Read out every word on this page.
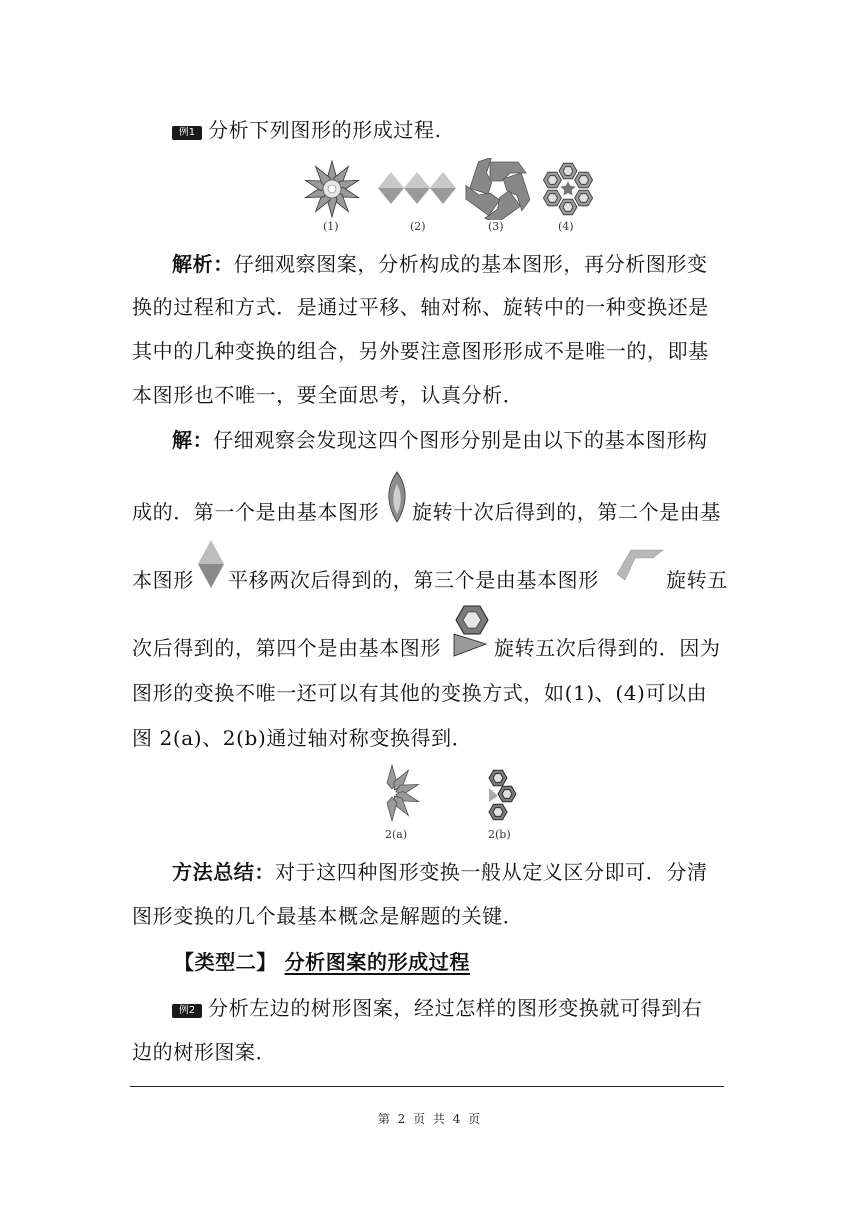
例1 分析下列图形的形成过程.
(1)	(2)	(3)	(4)
解析：仔细观察图案，分析构成的基本图形，再分析图形变
换的过程和方式．是通过平移、轴对称、旋转中的一种变换还是
其中的几种变换的组合，另外要注意图形形成不是唯一的，即基
本图形也不唯一，要全面思考，认真分析．
解：仔细观察会发现这四个图形分别是由以下的基本图形构
成的．第一个是由基本图形	旋转十次后得到的，第二个是由基
本图形	平移两次后得到的，第三个是由基本图形	旋转五
次后得到的，第四个是由基本图形	旋转五次后得到的．因为
图形的变换不唯一还可以有其他的变换方式，如(1)、(4)可以由
图 2(a)、2(b)通过轴对称变换得到．
2(a)	2(b)
方法总结：对于这四种图形变换一般从定义区分即可．分清
图形变换的几个最基本概念是解题的关键．
【类型二】 分析图案的形成过程
例2 分析左边的树形图案，经过怎样的图形变换就可得到右
边的树形图案．
第 2 页 共 4 页
